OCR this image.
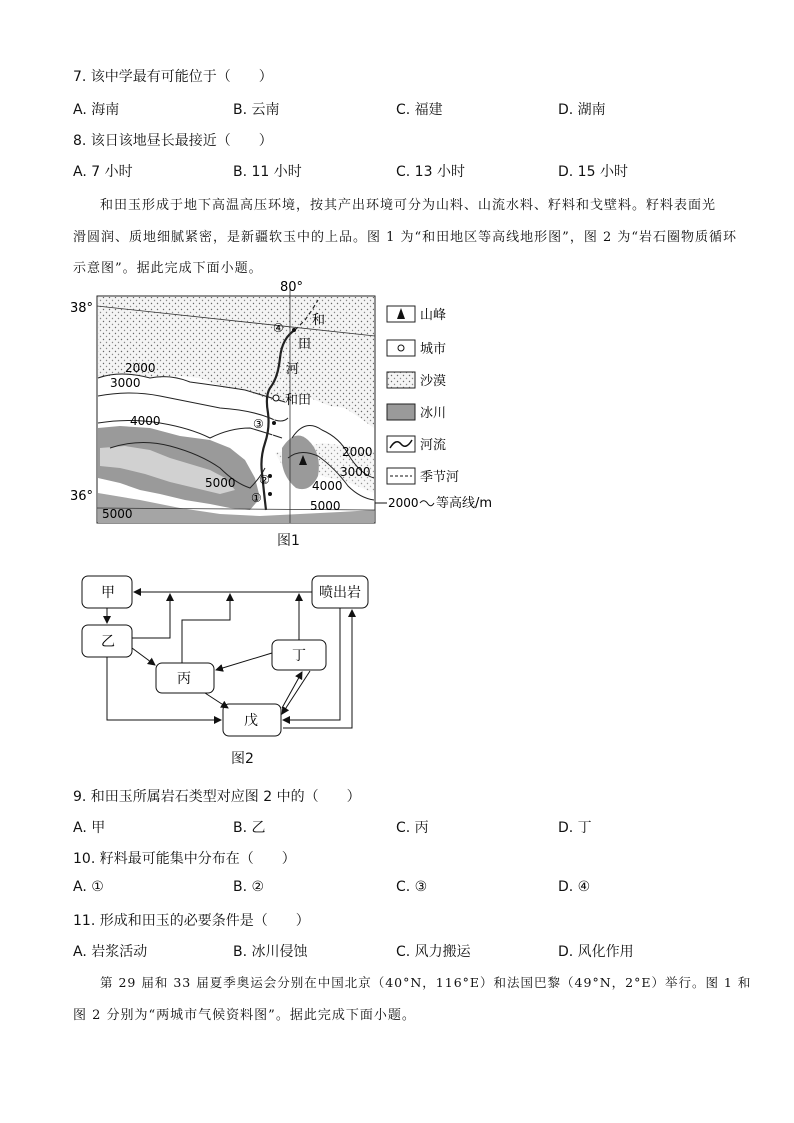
7. 该中学最有可能位于（　　）
A. 海南	B. 云南	C. 福建	D. 湖南
8. 该日该地昼长最接近（　　）
A. 7 小时	B. 11 小时	C. 13 小时	D. 15 小时
和田玉形成于地下高温高压环境，按其产出环境可分为山料、山流水料、籽料和戈壁料。籽料表面光
滑圆润、质地细腻紧密，是新疆软玉中的上品。图 1 为“和田地区等高线地形图”，图 2 为“岩石圈物质循环
示意图”。据此完成下面小题。
①
②
③
④
80°
38°
36°
和
田
河
和田
2000
3000
4000
5000
5000
2000
3000
4000
5000
山峰
城市
沙漠
冰川
河流
季节河
2000 等高线/m
图1
甲
乙
丙
丁
喷出岩
戊
图2
9. 和田玉所属岩石类型对应图 2 中的（　　）
A. 甲	B. 乙	C. 丙	D. 丁
10. 籽料最可能集中分布在（　　）
A. ①	B. ②	C. ③	D. ④
11. 形成和田玉的必要条件是（　　）
A. 岩浆活动	B. 冰川侵蚀	C. 风力搬运	D. 风化作用
第 29 届和 33 届夏季奥运会分别在中国北京（40°N，116°E）和法国巴黎（49°N，2°E）举行。图 1 和
图 2 分别为“两城市气候资料图”。据此完成下面小题。
